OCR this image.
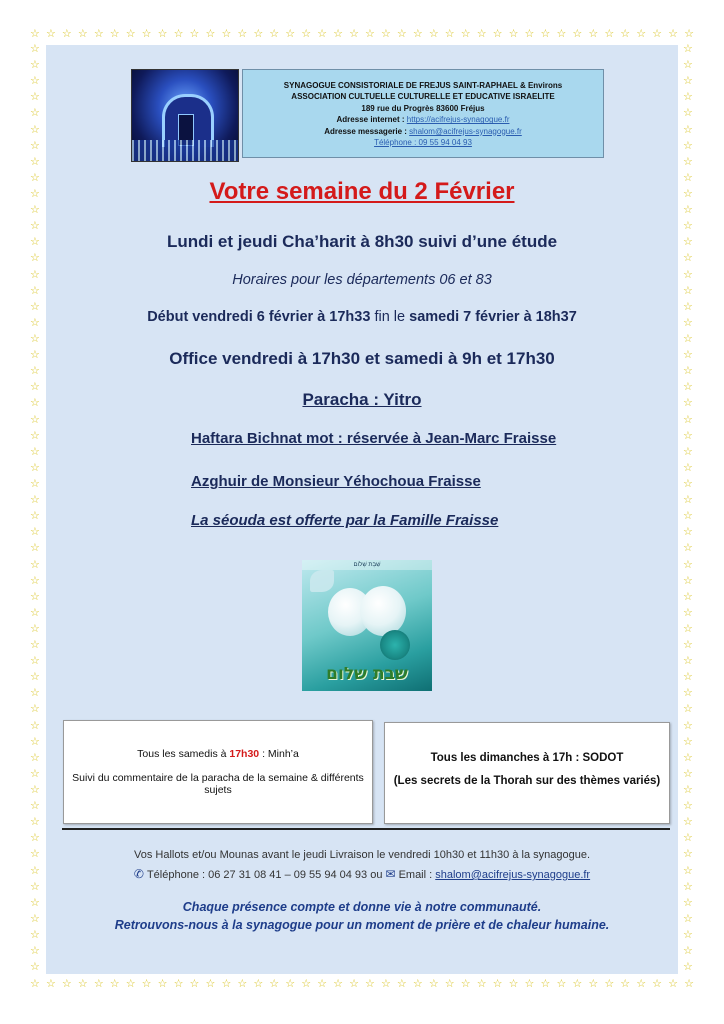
☆ ☆ ☆ ☆ ☆ ☆ ☆ ☆ ☆ ☆ ☆ ☆ ☆ ☆ ☆ ☆ ☆ ☆ ☆ ☆ ☆ ☆ ☆ ☆ ☆ ☆ ☆ ☆ ☆ ☆ ☆ ☆ ☆ ☆ ☆ ☆ ☆ ☆ ☆ ☆ ☆ ☆
☆ ☆ ☆ ☆ ☆ ☆ ☆ ☆ ☆ ☆ ☆ ☆ ☆ ☆ ☆ ☆ ☆ ☆ ☆ ☆ ☆ ☆ ☆ ☆ ☆ ☆ ☆ ☆ ☆ ☆ ☆ ☆ ☆ ☆ ☆ ☆ ☆ ☆ ☆ ☆ ☆ ☆
☆
☆
☆
☆
☆
☆
☆
☆
☆
☆
☆
☆
☆
☆
☆
☆
☆
☆
☆
☆
☆
☆
☆
☆
☆
☆
☆
☆
☆
☆
☆
☆
☆
☆
☆
☆
☆
☆
☆
☆
☆
☆
☆
☆
☆
☆
☆
☆
☆
☆
☆
☆
☆
☆
☆
☆
☆
☆
☆
☆
☆
☆
☆
☆
☆
☆
☆
☆
☆
☆
☆
☆
☆
☆
☆
☆
☆
☆
☆
☆
☆
☆
☆
☆
☆
☆
☆
☆
☆
☆
☆
☆
☆
☆
☆
☆
☆
☆
☆
☆
☆
☆
☆
☆
☆
☆
☆
☆
☆
☆
☆
☆
☆
☆
☆
☆
SYNAGOGUE CONSISTORIALE DE FREJUS SAINT-RAPHAEL & Environs
ASSOCIATION CULTUELLE CULTURELLE ET EDUCATIVE ISRAELITE
189 rue du Progrès 83600 Fréjus
Adresse internet : https://acifrejus-synagogue.fr
Adresse messagerie : shalom@acifrejus-synagogue.fr
Téléphone : 09 55 94 04 93
Votre semaine du 2 Février
Lundi et jeudi Cha’harit à 8h30 suivi d’une étude
Horaires pour les départements 06 et 83
Début vendredi 6 février à 17h33 fin le samedi 7 février à 18h37
Office vendredi à 17h30 et samedi à 9h et 17h30
Paracha : Yitro
Haftara Bichnat mot : réservée à Jean-Marc Fraisse
Azghuir de Monsieur Yéhochoua Fraisse
La séouda est offerte par la Famille Fraisse
שַׁבָּת שָׁלוֹם
שבת שלום
Tous les samedis à 17h30 : Minh’a
Suivi du commentaire de la paracha de la semaine & différents sujets
Tous les dimanches à 17h : SODOT
(Les secrets de la Thorah sur des thèmes variés)
Vos Hallots et/ou Mounas avant le jeudi Livraison le vendredi 10h30 et 11h30 à la synagogue.
✆ Téléphone : 06 27 31 08 41 – 09 55 94 04 93 ou ✉ Email : shalom@acifrejus-synagogue.fr
Chaque présence compte et donne vie à notre communauté.
Retrouvons-nous à la synagogue pour un moment de prière et de chaleur humaine.
